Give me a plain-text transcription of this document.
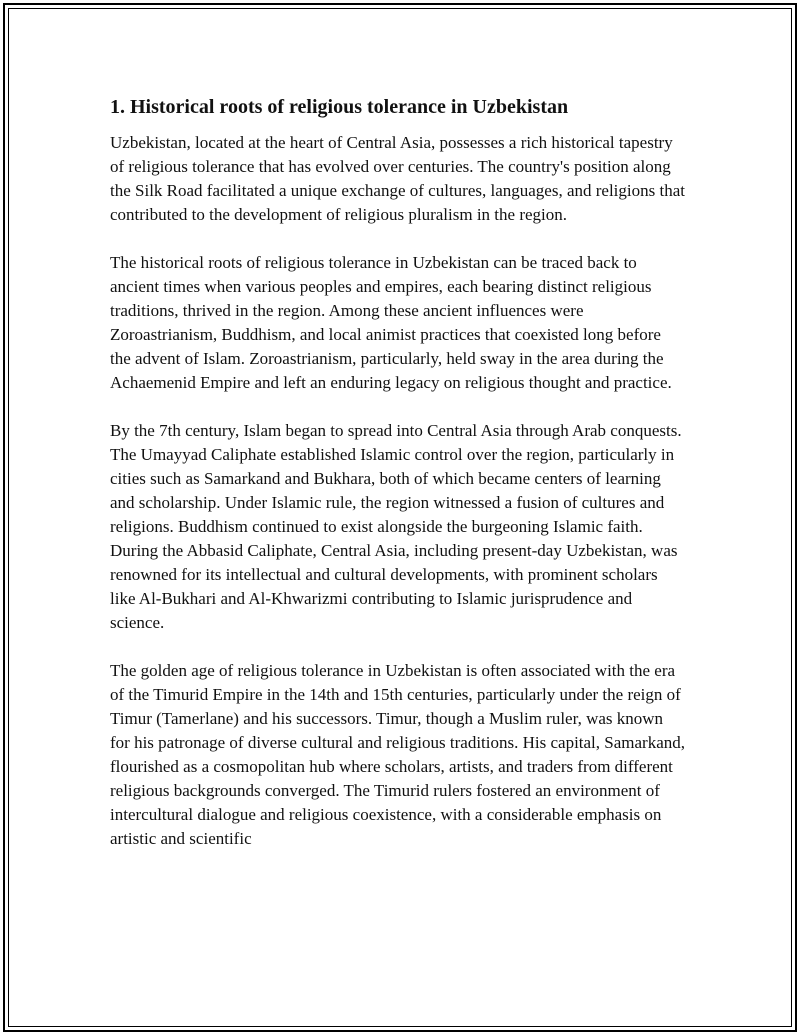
1. Historical roots of religious tolerance in Uzbekistan

Uzbekistan, located at the heart of Central Asia, possesses a rich historical tapestry of religious tolerance that has evolved over centuries. The country's position along the Silk Road facilitated a unique exchange of cultures, languages, and religions that contributed to the development of religious pluralism in the region.

The historical roots of religious tolerance in Uzbekistan can be traced back to ancient times when various peoples and empires, each bearing distinct religious traditions, thrived in the region. Among these ancient influences were Zoroastrianism, Buddhism, and local animist practices that coexisted long before the advent of Islam. Zoroastrianism, particularly, held sway in the area during the Achaemenid Empire and left an enduring legacy on religious thought and practice.

By the 7th century, Islam began to spread into Central Asia through Arab conquests. The Umayyad Caliphate established Islamic control over the region, particularly in cities such as Samarkand and Bukhara, both of which became centers of learning and scholarship. Under Islamic rule, the region witnessed a fusion of cultures and religions. Buddhism continued to exist alongside the burgeoning Islamic faith. During the Abbasid Caliphate, Central Asia, including present-day Uzbekistan, was renowned for its intellectual and cultural developments, with prominent scholars like Al-Bukhari and Al-Khwarizmi contributing to Islamic jurisprudence and science.

The golden age of religious tolerance in Uzbekistan is often associated with the era of the Timurid Empire in the 14th and 15th centuries, particularly under the reign of Timur (Tamerlane) and his successors. Timur, though a Muslim ruler, was known for his patronage of diverse cultural and religious traditions. His capital, Samarkand, flourished as a cosmopolitan hub where scholars, artists, and traders from different religious backgrounds converged. The Timurid rulers fostered an environment of intercultural dialogue and religious coexistence, with a considerable emphasis on artistic and scientific
